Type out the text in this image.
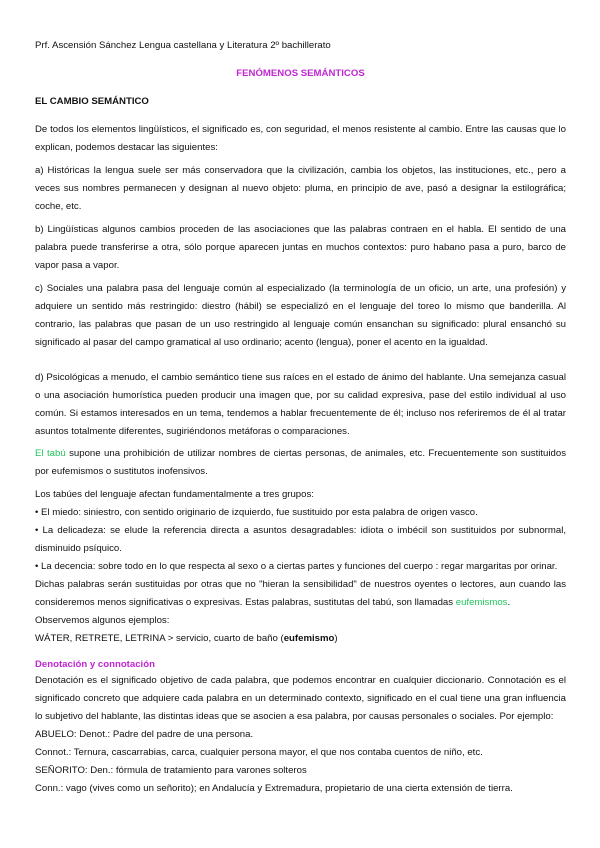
Prf. Ascensión Sánchez Lengua castellana y Literatura 2º bachillerato

FENÓMENOS SEMÁNTICOS

EL CAMBIO SEMÁNTICO

De todos los elementos lingüísticos, el significado es, con seguridad, el menos resistente al cambio. Entre las causas que lo explican, podemos destacar las siguientes:

a) Históricas la lengua suele ser más conservadora que la civilización, cambia los objetos, las instituciones, etc., pero a veces sus nombres permanecen y designan al nuevo objeto: pluma, en principio de ave, pasó a designar la estilográfica; coche, etc.

b) Lingüísticas algunos cambios proceden de las asociaciones que las palabras contraen en el habla. El sentido de una palabra puede transferirse a otra, sólo porque aparecen juntas en muchos contextos: puro habano pasa a puro, barco de vapor pasa a vapor.

c) Sociales una palabra pasa del lenguaje común al especializado (la terminología de un oficio, un arte, una profesión) y adquiere un sentido más restringido: diestro (hábil) se especializó en el lenguaje del toreo lo mismo que banderilla. Al contrario, las palabras que pasan de un uso restringido al lenguaje común ensanchan su significado: plural ensanchó su significado al pasar del campo gramatical al uso ordinario; acento (lengua), poner el acento en la igualdad.

d) Psicológicas a menudo, el cambio semántico tiene sus raíces en el estado de ánimo del hablante. Una semejanza casual o una asociación humorística pueden producir una imagen que, por su calidad expresiva, pase del estilo individual al uso común. Si estamos interesados en un tema, tendemos a hablar frecuentemente de él; incluso nos referiremos de él al tratar asuntos totalmente diferentes, sugiriéndonos metáforas o comparaciones.

El tabú supone una prohibición de utilizar nombres de ciertas personas, de animales, etc. Frecuentemente son sustituidos por eufemismos o sustitutos inofensivos.

Los tabúes del lenguaje afectan fundamentalmente a tres grupos:
• El miedo: siniestro, con sentido originario de izquierdo, fue sustituido por esta palabra de origen vasco.
• La delicadeza: se elude la referencia directa a asuntos desagradables: idiota o imbécil son sustituidos por subnormal, disminuido psíquico.
• La decencia: sobre todo en lo que respecta al sexo o a ciertas partes y funciones del cuerpo : regar margaritas por orinar.
Dichas palabras serán sustituidas por otras que no "hieran la sensibilidad" de nuestros oyentes o lectores, aun cuando las consideremos menos significativas o expresivas. Estas palabras, sustitutas del tabú, son llamadas eufemismos.
Observemos algunos ejemplos:
WÁTER, RETRETE, LETRINA > servicio, cuarto de baño (eufemismo)

Denotación y connotación

Denotación es el significado objetivo de cada palabra, que podemos encontrar en cualquier diccionario. Connotación es el significado concreto que adquiere cada palabra en un determinado contexto, significado en el cual tiene una gran influencia lo subjetivo del hablante, las distintas ideas que se asocien a esa palabra, por causas personales o sociales. Por ejemplo:
ABUELO: Denot.: Padre del padre de una persona.
Connot.: Ternura, cascarrabias, carca, cualquier persona mayor, el que nos contaba cuentos de niño, etc.
SEÑORITO: Den.: fórmula de tratamiento para varones solteros
Conn.: vago (vives como un señorito); en Andalucía y Extremadura, propietario de una cierta extensión de tierra.
